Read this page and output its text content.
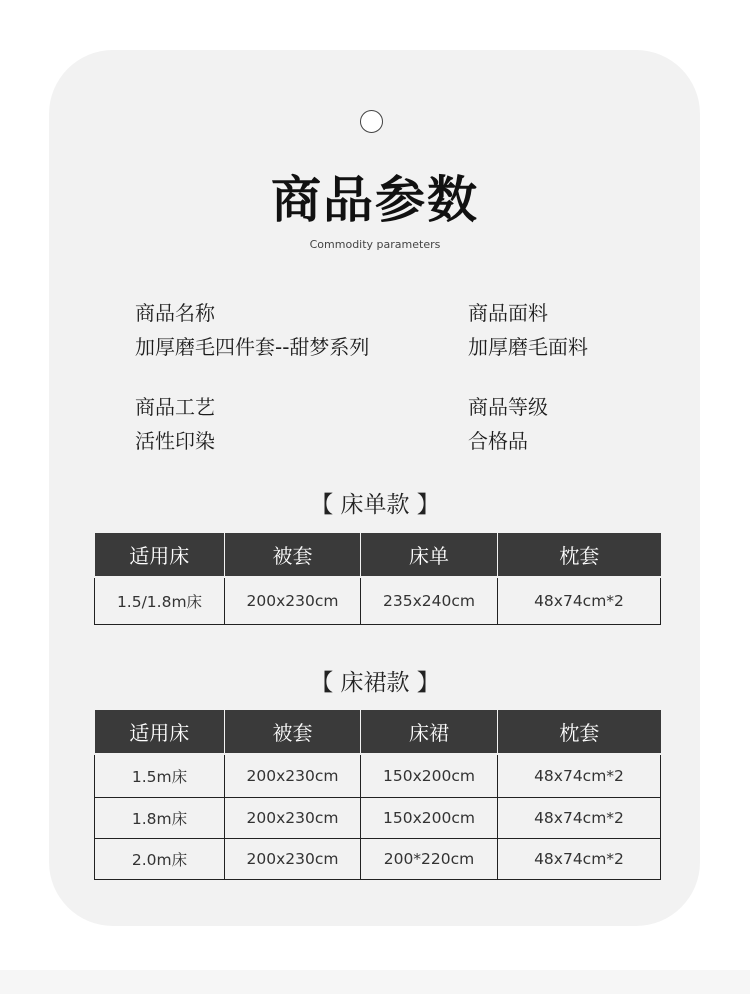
商品参数
Commodity parameters
商品名称
加厚磨毛四件套--甜梦系列
商品面料
加厚磨毛面料
商品工艺
活性印染
商品等级
合格品
【 床单款 】
适用床	被套	床单	枕套
1.5/1.8m床	200x230cm	235x240cm	48x74cm*2
【 床裙款 】
适用床	被套	床裙	枕套
1.5m床	200x230cm	150x200cm	48x74cm*2
1.8m床	200x230cm	150x200cm	48x74cm*2
2.0m床	200x230cm	200*220cm	48x74cm*2
